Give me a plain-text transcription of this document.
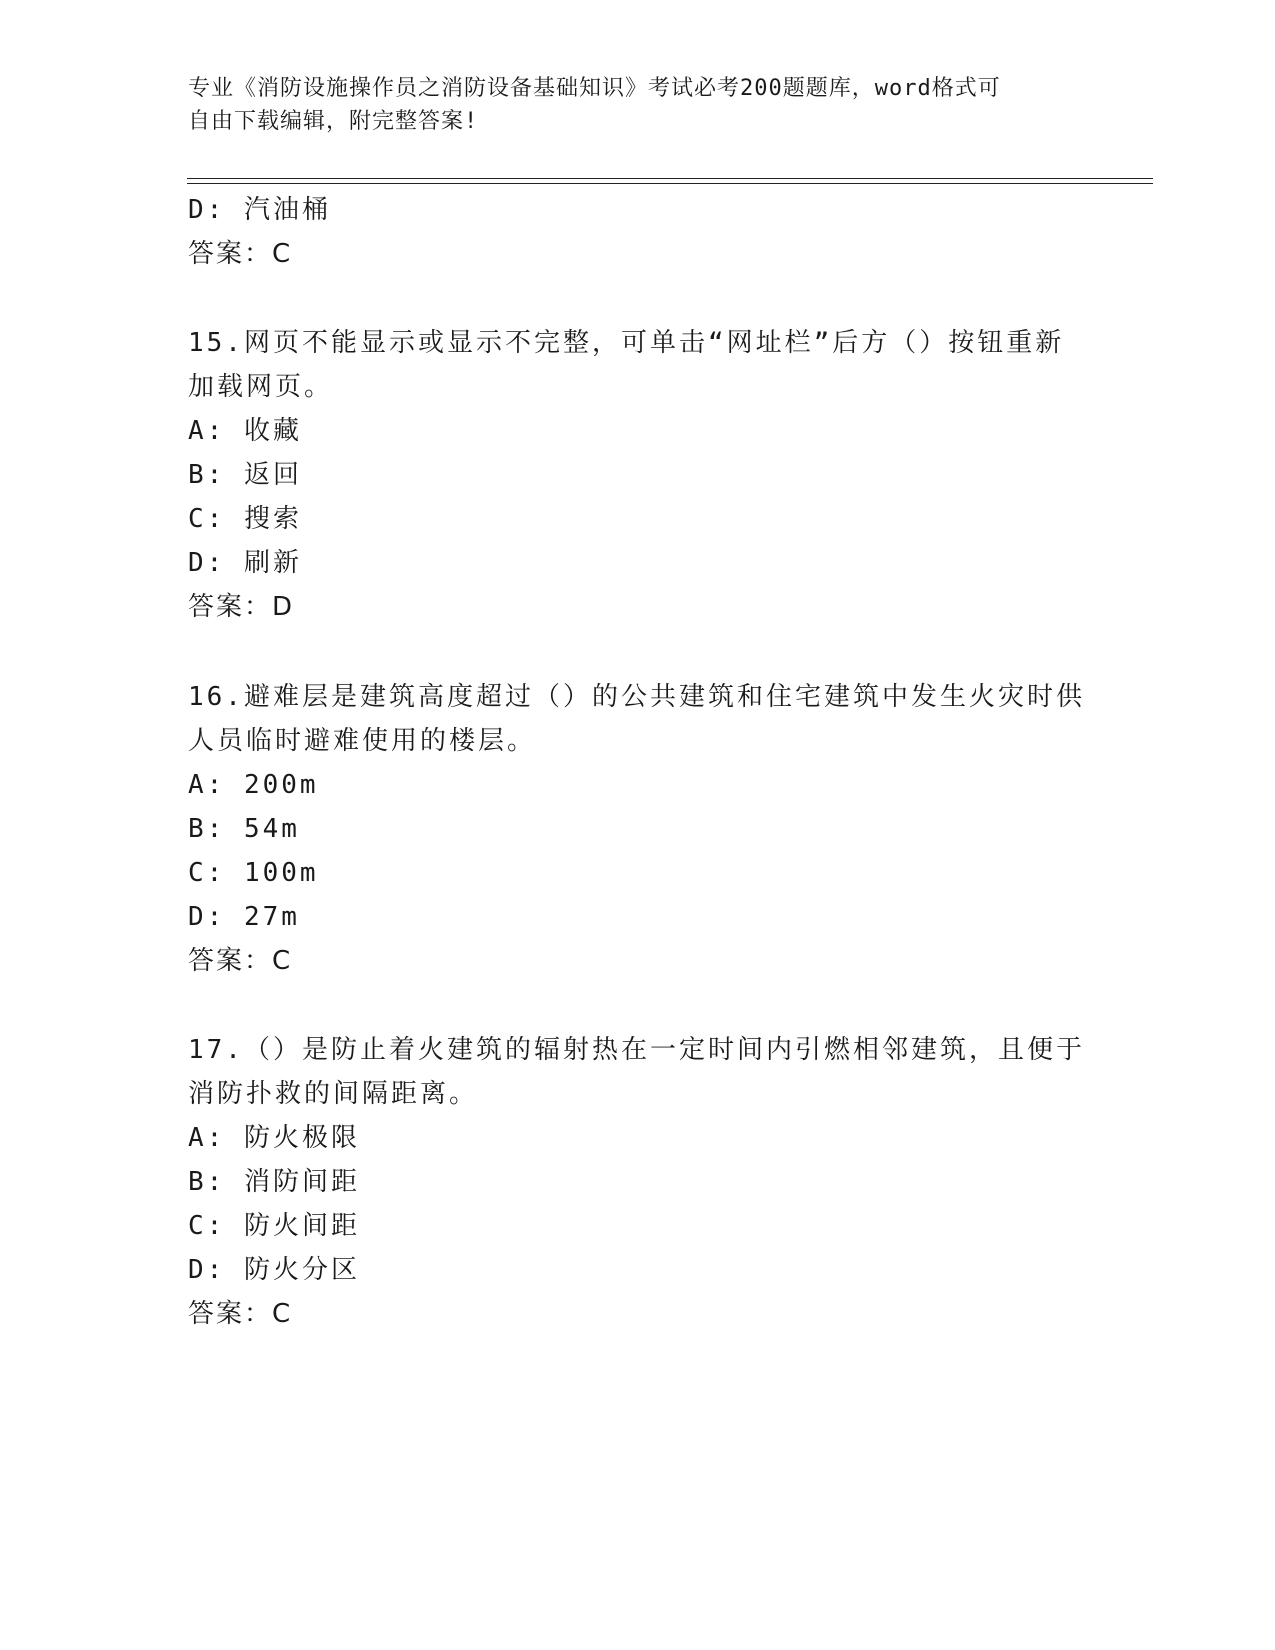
专业《消防设施操作员之消防设备基础知识》考试必考200题题库，word格式可
自由下载编辑，附完整答案!
D: 汽油桶
答案：C
15.网页不能显示或显示不完整，可单击“网址栏”后方（）按钮重新
加载网页。
A: 收藏
B: 返回
C: 搜索
D: 刷新
答案：D
16.避难层是建筑高度超过（）的公共建筑和住宅建筑中发生火灾时供
人员临时避难使用的楼层。
A: 200m
B: 54m
C: 100m
D: 27m
答案：C
17.（）是防止着火建筑的辐射热在一定时间内引燃相邻建筑，且便于
消防扑救的间隔距离。
A: 防火极限
B: 消防间距
C: 防火间距
D: 防火分区
答案：C
